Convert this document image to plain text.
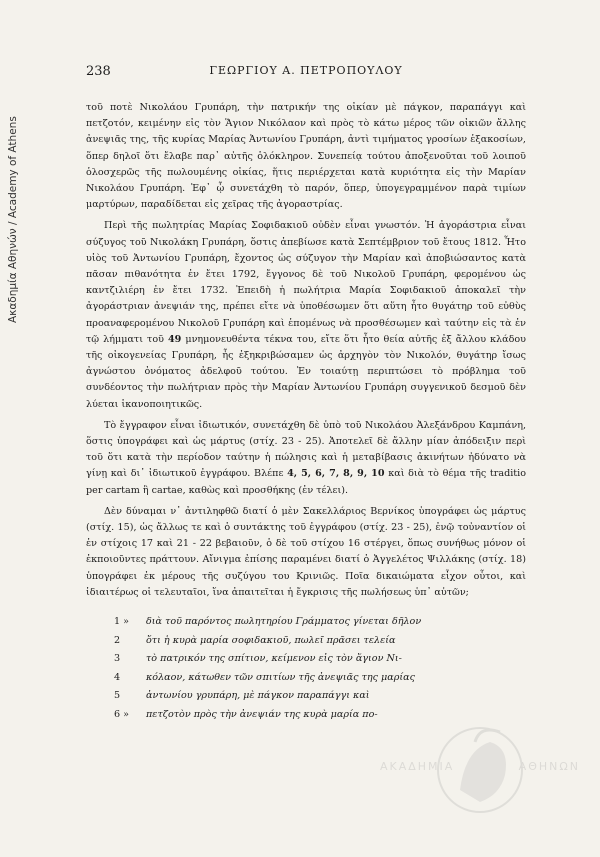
Ακαδημία Αθηνών / Academy of Athens
238	ΓΕΩΡΓΙΟΥ Α. ΠΕΤΡΟΠΟΥΛΟΥ

τοῦ ποτὲ Νικολάου Γρυπάρη, τὴν πατρικήν της οἰκίαν μὲ πάγκον, παραπάγγι καὶ πετζοτόν, κειμένην εἰς τὸν Ἅγιον Νικόλαον καὶ πρὸς τὸ κάτω μέρος τῶν οἰκιῶν ἄλλης ἀνεψιᾶς της, τῆς κυρίας Μαρίας Ἀντωνίου Γρυπάρη, ἀντὶ τιμήματος γροσίων ἑξακοσίων, ὅπερ δηλοῖ ὅτι ἔλαβε παρ᾿ αὐτῆς ὁλόκληρον. Συνεπείᾳ τούτου ἀποξενοῦται τοῦ λοιποῦ ὁλοσχερῶς τῆς πωλουμένης οἰκίας, ἥτις περιέρχεται κατὰ κυριότητα εἰς τὴν Μαρίαν Νικολάου Γρυπάρη. Ἐφ᾿ ᾧ συνετάχθη τὸ παρόν, ὅπερ, ὑπογεγραμμένον παρὰ τιμίων μαρτύρων, παραδίδεται εἰς χεῖρας τῆς ἀγοραστρίας.

Περὶ τῆς πωλητρίας Μαρίας Σοφιδακιοῦ οὐδὲν εἶναι γνωστόν. Ἡ ἀγοράστρια εἶναι σύζυγος τοῦ Νικολάκη Γρυπάρη, ὅστις ἀπεβίωσε κατὰ Σεπτέμβριον τοῦ ἔτους 1812. Ἦτο υἱὸς τοῦ Ἀντωνίου Γρυπάρη, ἔχοντος ὡς σύζυγον τὴν Μαρίαν καὶ ἀποβιώσαντος κατὰ πᾶσαν πιθανότητα ἐν ἔτει 1792, ἔγγονος δὲ τοῦ Νικολοῦ Γρυπάρη, φερομένου ὡς καντζιλιέρη ἐν ἔτει 1732. Ἐπειδὴ ἡ πωλήτρια Μαρία Σοφιδακιοῦ ἀποκαλεῖ τὴν ἀγοράστριαν ἀνεψιάν της, πρέπει εἴτε νὰ ὑποθέσωμεν ὅτι αὕτη ἦτο θυγάτηρ τοῦ εὐθὺς προαναφερομένου Νικολοῦ Γρυπάρη καὶ ἑπομένως νὰ προσθέσωμεν καὶ ταύτην εἰς τὰ ἐν τῷ λήμματι τοῦ 49 μνημονευθέντα τέκνα του, εἴτε ὅτι ἦτο θεία αὐτῆς ἐξ ἄλλου κλάδου τῆς οἰκογενείας Γρυπάρη, ἧς ἐξηκριβώσαμεν ὡς ἀρχηγὸν τὸν Νικολόν, θυγάτηρ ἴσως ἀγνώστου ὀνόματος ἀδελφοῦ τούτου. Ἐν τοιαύτῃ περιπτώσει τὸ πρόβλημα τοῦ συνδέοντος τὴν πωλήτριαν πρὸς τὴν Μαρίαν Ἀντωνίου Γρυπάρη συγγενικοῦ δεσμοῦ δὲν λύεται ἱκανοποιητικῶς.

Τὸ ἔγγραφον εἶναι ἰδιωτικόν, συνετάχθη δὲ ὑπὸ τοῦ Νικολάου Ἀλεξάνδρου Καμπάνη, ὅστις ὑπογράφει καὶ ὡς μάρτυς (στίχ. 23 - 25). Ἀποτελεῖ δὲ ἄλλην μίαν ἀπόδειξιν περὶ τοῦ ὅτι κατὰ τὴν περίοδον ταύτην ἡ πώλησις καὶ ἡ μεταβίβασις ἀκινήτων ἠδύνατο νὰ γίνῃ καὶ δι᾿ ἰδιωτικοῦ ἐγγράφου. Βλέπε 4, 5, 6, 7, 8, 9, 10 καὶ διὰ τὸ θέμα τῆς traditio per cartam ἢ cartae, καθὼς καὶ προσθήκης (ἐν τέλει).

Δὲν δύναμαι ν᾿ ἀντιληφθῶ διατί ὁ μὲν Σακελλάριος Βερνίκος ὑπογράφει ὡς μάρτυς (στίχ. 15), ὡς ἄλλως τε καὶ ὁ συντάκτης τοῦ ἐγγράφου (στίχ. 23 - 25), ἐνῷ τοὐναντίον οἱ ἐν στίχοις 17 καὶ 21 - 22 βεβαιοῦν, ὁ δὲ τοῦ στίχου 16 στέργει, ὅπως συνήθως μόνον οἱ ἐκποιοῦντες πράττουν. Αἴνιγμα ἐπίσης παραμένει διατί ὁ Ἀγγελέτος Ψιλλάκης (στίχ. 18) ὑπογράφει ἐκ μέρους τῆς συζύγου του Κρινιῶς. Ποῖα δικαιώματα εἶχον οὗτοι, καὶ ἰδιαιτέρως οἱ τελευταῖοι, ἵνα ἀπαιτεῖται ἡ ἔγκρισις τῆς πωλήσεως ὑπ᾿ αὐτῶν;

1 »	διὰ τοῦ παρόντος πωλητηρίου Γράμματος γίνεται δῆλον
2	ὅτι ἡ κυρὰ μαρία σοφιδακιοῦ, πωλεῖ πρᾶσει τελεία
3	τὸ πατρικόν της σπίτιον, κείμενον εἰς τὸν ἅγιον Νι-
4	κόλαον, κάτωθεν τῶν σπιτίων τῆς ἀνεψιᾶς της μαρίας
5	ἀντωνίου γρυπάρη, μὲ πάγκον παραπάγγι καὶ
6 »	πετζοτὸν πρὸς τὴν ἀνεψιάν της κυρὰ μαρία πο-
ΑΚΑΔΗΜΙΑ	ΑΘΗΝΩΝ
